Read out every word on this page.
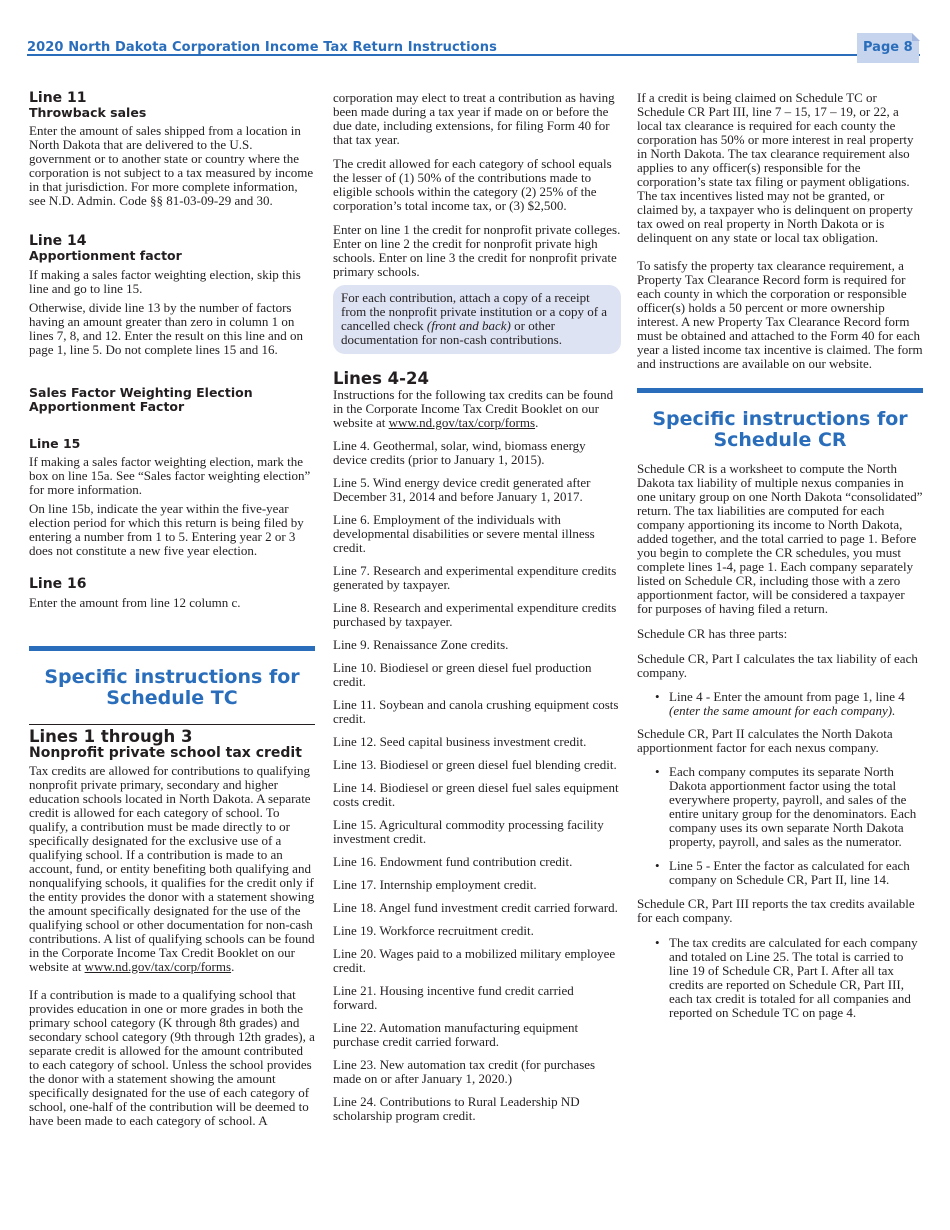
2020 North Dakota Corporation Income Tax Return Instructions	Page 8

Line 11

Throwback sales

Enter the amount of sales shipped from a location in North Dakota that are delivered to the U.S. government or to another state or country where the corporation is not subject to a tax measured by income in that jurisdiction. For more complete information, see N.D. Admin. Code §§ 81-03-09-29 and 30.

Line 14

Apportionment factor

If making a sales factor weighting election, skip this line and go to line 15.

Otherwise, divide line 13 by the number of factors having an amount greater than zero in column 1 on lines 7, 8, and 12. Enter the result on this line and on page 1, line 5. Do not complete lines 15 and 16.

Sales Factor Weighting Election Apportionment Factor

Line 15

If making a sales factor weighting election, mark the box on line 15a. See “Sales factor weighting election” for more information.

On line 15b, indicate the year within the five-year election period for which this return is being filed by entering a number from 1 to 5. Entering year 2 or 3 does not constitute a new five year election.

Line 16

Enter the amount from line 12 column c.

Specific instructions for

Schedule TC

Lines 1 through 3

Nonprofit private school tax credit

Tax credits are allowed for contributions to qualifying nonprofit private primary, secondary and higher education schools located in North Dakota. A separate credit is allowed for each category of school. To qualify, a contribution must be made directly to or specifically designated for the exclusive use of a qualifying school. If a contribution is made to an account, fund, or entity benefiting both qualifying and nonqualifying schools, it qualifies for the credit only if the entity provides the donor with a statement showing the amount specifically designated for the use of the qualifying school or other documentation for non-cash contributions. A list of qualifying schools can be found in the Corporate Income Tax Credit Booklet on our website at www.nd.gov/tax/corp/forms.

If a contribution is made to a qualifying school that provides education in one or more grades in both the primary school category (K through 8th grades) and secondary school category (9th through 12th grades), a separate credit is allowed for the amount contributed to each category of school. Unless the school provides the donor with a statement showing the amount specifically designated for the use of each category of school, one-half of the contribution will be deemed to have been made to each category of school. A

corporation may elect to treat a contribution as having been made during a tax year if made on or before the due date, including extensions, for filing Form 40 for that tax year.

The credit allowed for each category of school equals the lesser of (1) 50% of the contributions made to eligible schools within the category (2) 25% of the corporation’s total income tax, or (3) $2,500.

Enter on line 1 the credit for nonprofit private colleges. Enter on line 2 the credit for nonprofit private high schools. Enter on line 3 the credit for nonprofit private primary schools.

For each contribution, attach a copy of a receipt from the nonprofit private institution or a copy of a cancelled check (front and back) or other documentation for non-cash contributions.

Lines 4-24

Instructions for the following tax credits can be found in the Corporate Income Tax Credit Booklet on our website at www.nd.gov/tax/corp/forms.

Line 4. Geothermal, solar, wind, biomass energy device credits (prior to January 1, 2015).

Line 5. Wind energy device credit generated after December 31, 2014 and before January 1, 2017.

Line 6. Employment of the individuals with developmental disabilities or severe mental illness credit.

Line 7. Research and experimental expenditure credits generated by taxpayer.

Line 8. Research and experimental expenditure credits purchased by taxpayer.

Line 9. Renaissance Zone credits.

Line 10. Biodiesel or green diesel fuel production credit.

Line 11. Soybean and canola crushing equipment costs credit.

Line 12. Seed capital business investment credit.

Line 13. Biodiesel or green diesel fuel blending credit.

Line 14. Biodiesel or green diesel fuel sales equipment costs credit.

Line 15. Agricultural commodity processing facility investment credit.

Line 16. Endowment fund contribution credit.

Line 17. Internship employment credit.

Line 18. Angel fund investment credit carried forward.

Line 19. Workforce recruitment credit.

Line 20. Wages paid to a mobilized military employee credit.

Line 21. Housing incentive fund credit carried forward.

Line 22. Automation manufacturing equipment purchase credit carried forward.

Line 23. New automation tax credit (for purchases made on or after January 1, 2020.)

Line 24. Contributions to Rural Leadership ND scholarship program credit.

If a credit is being claimed on Schedule TC or Schedule CR Part III, line 7 – 15, 17 – 19, or 22, a local tax clearance is required for each county the corporation has 50% or more interest in real property in North Dakota. The tax clearance requirement also applies to any officer(s) responsible for the corporation’s state tax filing or payment obligations. The tax incentives listed may not be granted, or claimed by, a taxpayer who is delinquent on property tax owed on real property in North Dakota or is delinquent on any state or local tax obligation.

To satisfy the property tax clearance requirement, a Property Tax Clearance Record form is required for each county in which the corporation or responsible officer(s) holds a 50 percent or more ownership interest. A new Property Tax Clearance Record form must be obtained and attached to the Form 40 for each year a listed income tax incentive is claimed. The form and instructions are available on our website.

Specific instructions for

Schedule CR

Schedule CR is a worksheet to compute the North Dakota tax liability of multiple nexus companies in one unitary group on one North Dakota “consolidated” return. The tax liabilities are computed for each company apportioning its income to North Dakota, added together, and the total carried to page 1. Before you begin to complete the CR schedules, you must complete lines 1-4, page 1. Each company separately listed on Schedule CR, including those with a zero apportionment factor, will be considered a taxpayer for purposes of having filed a return.

Schedule CR has three parts:

Schedule CR, Part I calculates the tax liability of each company.

• Line 4 - Enter the amount from page 1, line 4 (enter the same amount for each company).

Schedule CR, Part II calculates the North Dakota apportionment factor for each nexus company.

• Each company computes its separate North Dakota apportionment factor using the total everywhere property, payroll, and sales of the entire unitary group for the denominators. Each company uses its own separate North Dakota property, payroll, and sales as the numerator.
• Line 5 - Enter the factor as calculated for each company on Schedule CR, Part II, line 14.

Schedule CR, Part III reports the tax credits available for each company.

• The tax credits are calculated for each company and totaled on Line 25. The total is carried to line 19 of Schedule CR, Part I. After all tax credits are reported on Schedule CR, Part III, each tax credit is totaled for all companies and reported on Schedule TC on page 4.
